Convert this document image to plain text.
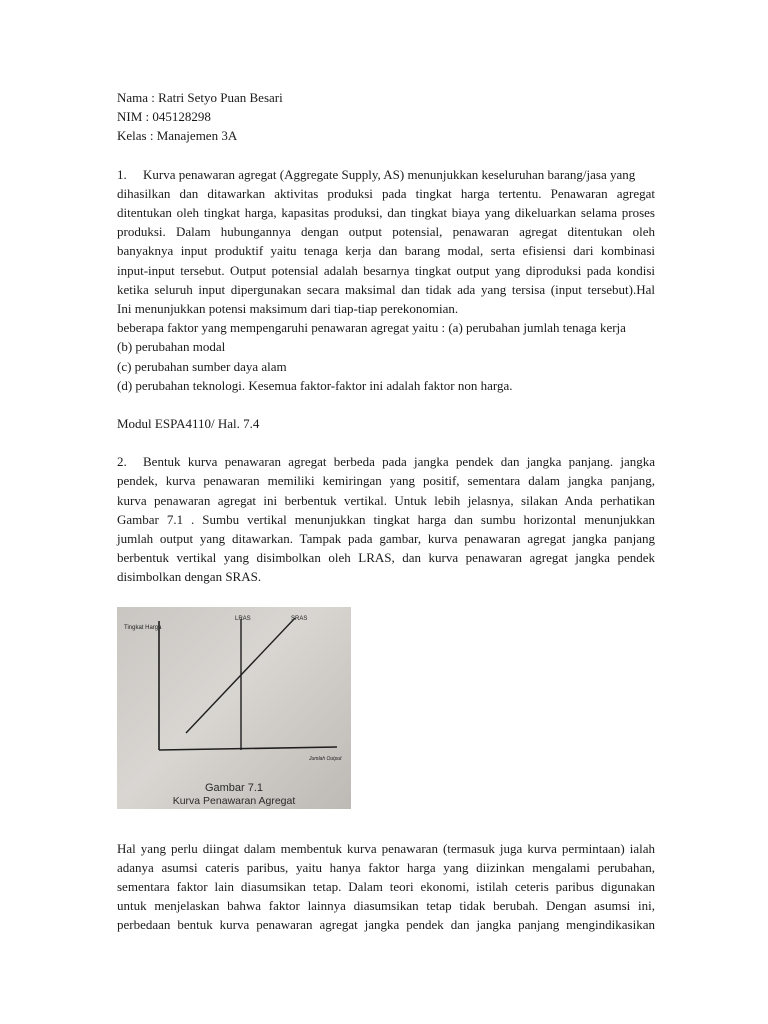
Nama : Ratri Setyo Puan Besari

NIM : 045128298

Kelas : Manajemen 3A

1. Kurva penawaran agregat (Aggregate Supply, AS) menunjukkan keseluruhan barang/jasa yang

dihasilkan dan ditawarkan aktivitas produksi pada tingkat harga tertentu. Penawaran agregat

ditentukan oleh tingkat harga, kapasitas produksi, dan tingkat biaya yang dikeluarkan selama proses

produksi. Dalam hubungannya dengan output potensial, penawaran agregat ditentukan oleh

banyaknya input produktif yaitu tenaga kerja dan barang modal, serta efisiensi dari kombinasi

input-input tersebut. Output potensial adalah besarnya tingkat output yang diproduksi pada kondisi

ketika seluruh input dipergunakan secara maksimal dan tidak ada yang tersisa (input tersebut).Hal

Ini menunjukkan potensi maksimum dari tiap-tiap perekonomian.

beberapa faktor yang mempengaruhi penawaran agregat yaitu : (a) perubahan jumlah tenaga kerja

(b) perubahan modal

(c) perubahan sumber daya alam

(d) perubahan teknologi. Kesemua faktor-faktor ini adalah faktor non harga.

Modul ESPA4110/ Hal. 7.4

2. Bentuk kurva penawaran agregat berbeda pada jangka pendek dan jangka panjang. jangka

pendek, kurva penawaran memiliki kemiringan yang positif, sementara dalam jangka panjang,

kurva penawaran agregat ini berbentuk vertikal. Untuk lebih jelasnya, silakan Anda perhatikan

Gambar 7.1 . Sumbu vertikal menunjukkan tingkat harga dan sumbu horizontal menunjukkan

jumlah output yang ditawarkan. Tampak pada gambar, kurva penawaran agregat jangka panjang

berbentuk vertikal yang disimbolkan oleh LRAS, dan kurva penawaran agregat jangka pendek

disimbolkan dengan SRAS.

Tingkat Harga
LRAS	SRAS
Jumlah Output
Gambar 7.1
Kurva Penawaran Agregat

Hal yang perlu diingat dalam membentuk kurva penawaran (termasuk juga kurva permintaan) ialah

adanya asumsi cateris paribus, yaitu hanya faktor harga yang diizinkan mengalami perubahan,

sementara faktor lain diasumsikan tetap. Dalam teori ekonomi, istilah ceteris paribus digunakan

untuk menjelaskan bahwa faktor lainnya diasumsikan tetap tidak berubah. Dengan asumsi ini,

perbedaan bentuk kurva penawaran agregat jangka pendek dan jangka panjang mengindikasikan
